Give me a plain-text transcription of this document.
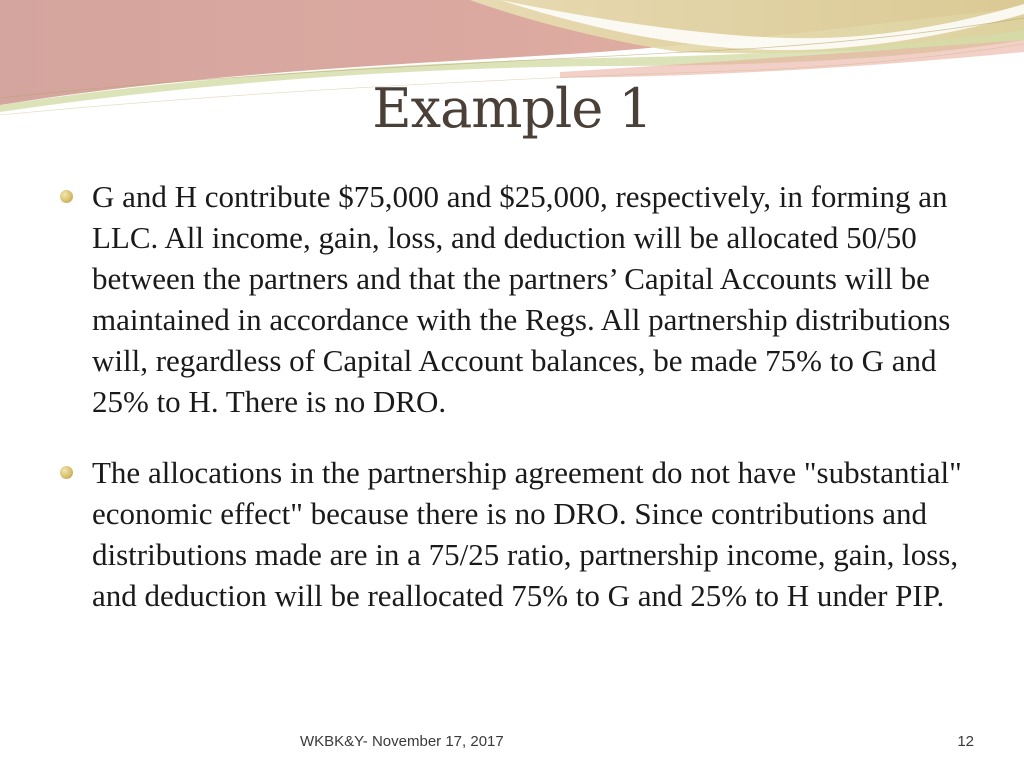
Example 1
G and H contribute $75,000 and $25,000, respectively, in forming an LLC. All income, gain, loss, and deduction will be allocated 50/50 between the partners and that the partners’ Capital Accounts will be maintained in accordance with the Regs. All partnership distributions will, regardless of Capital Account balances, be made 75% to G and 25% to H. There is no DRO.
The allocations in the partnership agreement do not have "substantial" economic effect" because there is no DRO. Since contributions and distributions made are in a 75/25 ratio, partnership income, gain, loss, and deduction will be reallocated 75% to G and 25% to H under PIP.
WKBK&Y- November 17, 2017	12
